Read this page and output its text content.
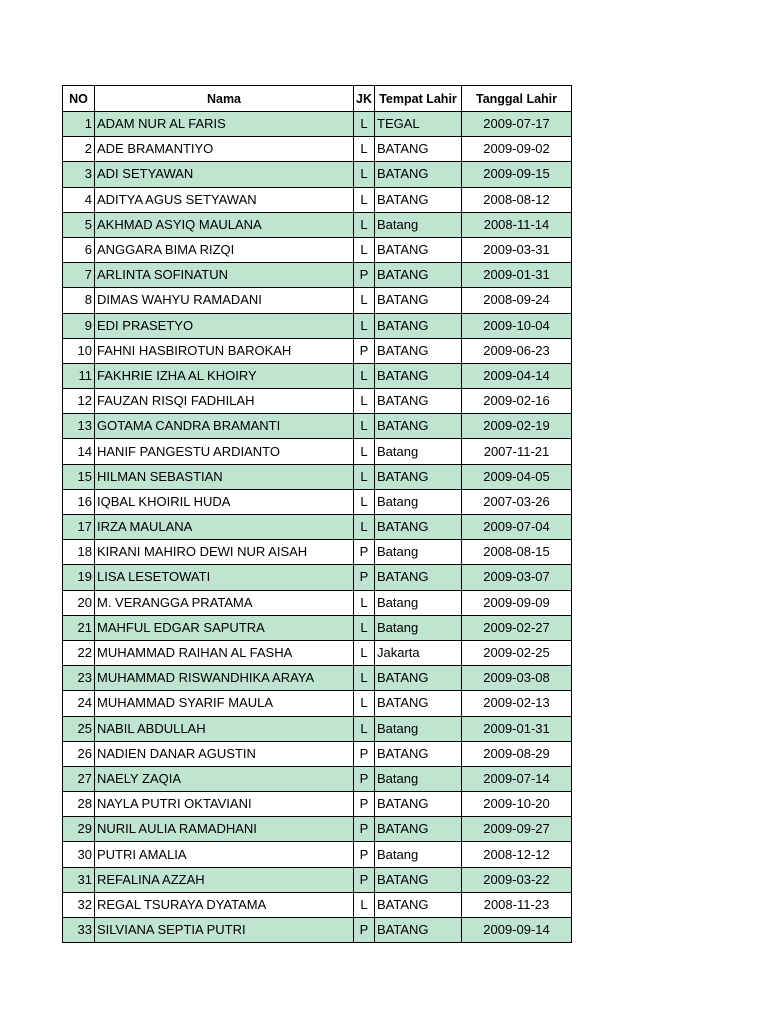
NO	Nama	JK	Tempat Lahir	Tanggal Lahir
1	ADAM NUR AL FARIS	L	TEGAL	2009-07-17
2	ADE BRAMANTIYO	L	BATANG	2009-09-02
3	ADI SETYAWAN	L	BATANG	2009-09-15
4	ADITYA AGUS SETYAWAN	L	BATANG	2008-08-12
5	AKHMAD ASYIQ MAULANA	L	Batang	2008-11-14
6	ANGGARA BIMA RIZQI	L	BATANG	2009-03-31
7	ARLINTA SOFINATUN	P	BATANG	2009-01-31
8	DIMAS WAHYU RAMADANI	L	BATANG	2008-09-24
9	EDI PRASETYO	L	BATANG	2009-10-04
10	FAHNI HASBIROTUN BAROKAH	P	BATANG	2009-06-23
11	FAKHRIE IZHA AL KHOIRY	L	BATANG	2009-04-14
12	FAUZAN RISQI FADHILAH	L	BATANG	2009-02-16
13	GOTAMA CANDRA BRAMANTI	L	BATANG	2009-02-19
14	HANIF PANGESTU ARDIANTO	L	Batang	2007-11-21
15	HILMAN SEBASTIAN	L	BATANG	2009-04-05
16	IQBAL KHOIRIL HUDA	L	Batang	2007-03-26
17	IRZA MAULANA	L	BATANG	2009-07-04
18	KIRANI MAHIRO DEWI NUR AISAH	P	Batang	2008-08-15
19	LISA LESETOWATI	P	BATANG	2009-03-07
20	M. VERANGGA PRATAMA	L	Batang	2009-09-09
21	MAHFUL EDGAR SAPUTRA	L	Batang	2009-02-27
22	MUHAMMAD RAIHAN AL FASHA	L	Jakarta	2009-02-25
23	MUHAMMAD RISWANDHIKA ARAYA	L	BATANG	2009-03-08
24	MUHAMMAD SYARIF MAULA	L	BATANG	2009-02-13
25	NABIL ABDULLAH	L	Batang	2009-01-31
26	NADIEN DANAR AGUSTIN	P	BATANG	2009-08-29
27	NAELY ZAQIA	P	Batang	2009-07-14
28	NAYLA PUTRI OKTAVIANI	P	BATANG	2009-10-20
29	NURIL AULIA RAMADHANI	P	BATANG	2009-09-27
30	PUTRI AMALIA	P	Batang	2008-12-12
31	REFALINA AZZAH	P	BATANG	2009-03-22
32	REGAL TSURAYA DYATAMA	L	BATANG	2008-11-23
33	SILVIANA SEPTIA PUTRI	P	BATANG	2009-09-14
